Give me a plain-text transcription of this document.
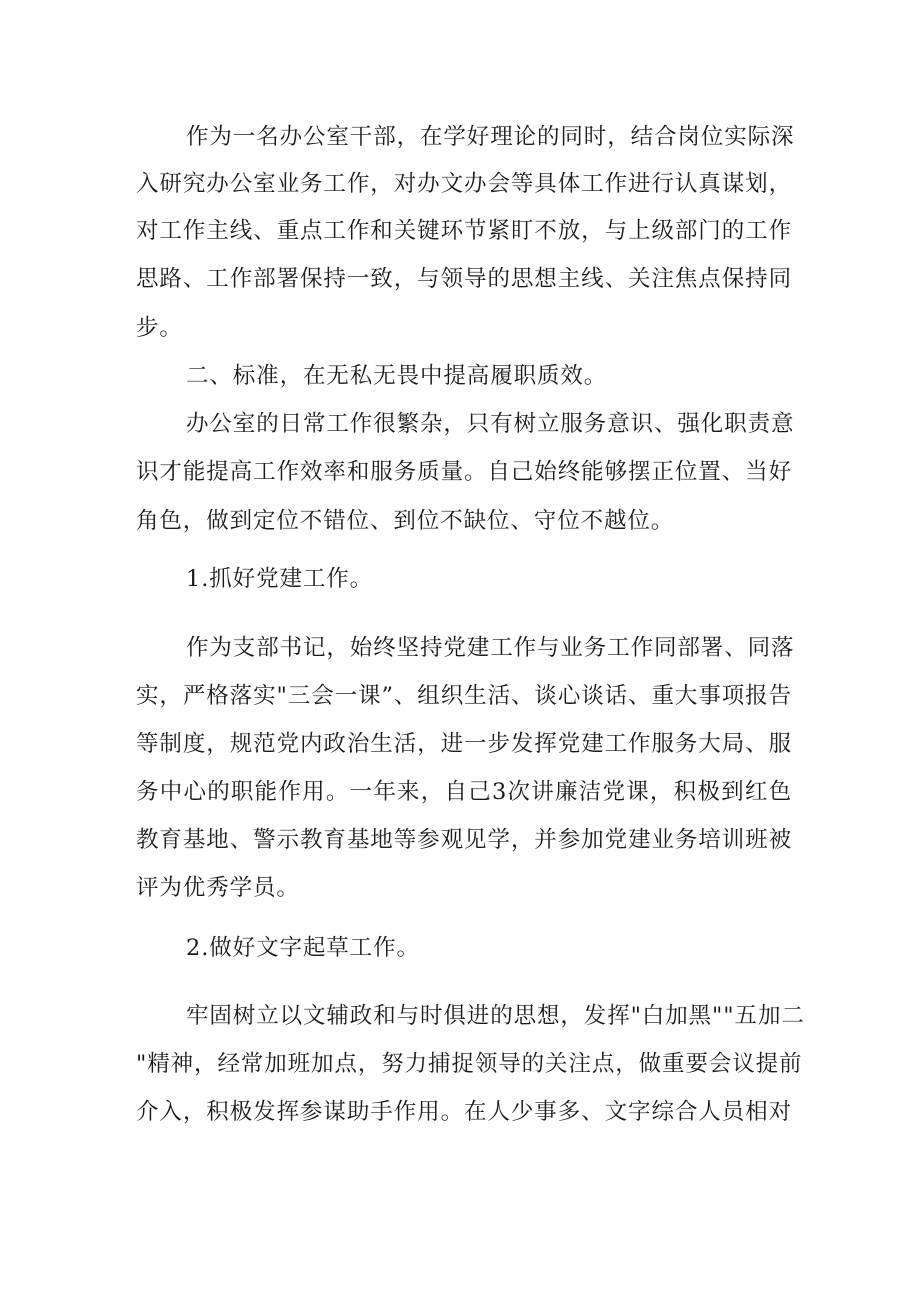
作为一名办公室干部，在学好理论的同时，结合岗位实际深

入研究办公室业务工作，对办文办会等具体工作进行认真谋划，

对工作主线、重点工作和关键环节紧盯不放，与上级部门的工作

思路、工作部署保持一致，与领导的思想主线、关注焦点保持同

步。

二、标准，在无私无畏中提高履职质效。

办公室的日常工作很繁杂，只有树立服务意识、强化职责意

识才能提高工作效率和服务质量。自己始终能够摆正位置、当好

角色，做到定位不错位、到位不缺位、守位不越位。

1.抓好党建工作。

作为支部书记，始终坚持党建工作与业务工作同部署、同落

实，严格落实"三会一课”、组织生活、谈心谈话、重大事项报告

等制度，规范党内政治生活，进一步发挥党建工作服务大局、服

务中心的职能作用。一年来，自己3次讲廉洁党课，积极到红色

教育基地、警示教育基地等参观见学，并参加党建业务培训班被

评为优秀学员。

2.做好文字起草工作。

牢固树立以文辅政和与时俱进的思想，发挥"白加黑""五加二

"精神，经常加班加点，努力捕捉领导的关注点，做重要会议提前

介入，积极发挥参谋助手作用。在人少事多、文字综合人员相对
